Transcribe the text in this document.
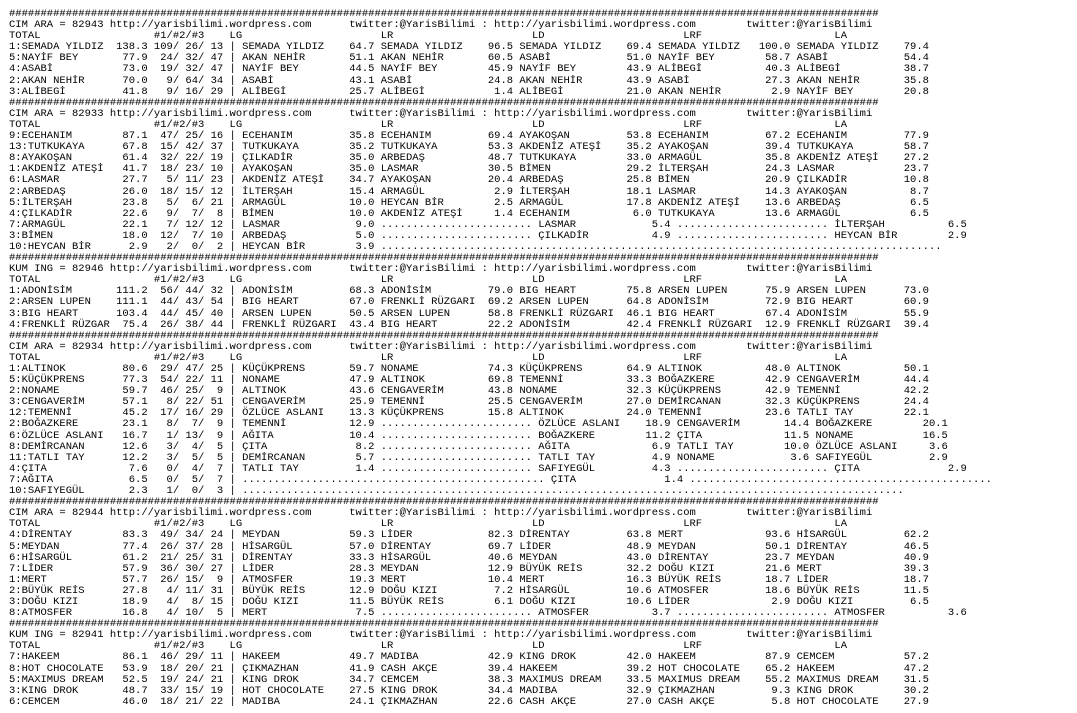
##########################################################################################################################################
CIM ARA = 82943 http://yarisbilimi.wordpress.com      twitter:@YarisBilimi : http://yarisbilimi.wordpress.com        twitter:@YarisBilimi
TOTAL                  #1/#2/#3    LG                      LR                      LD                      LRF                     LA
1:SEMADA YILDIZ  138.3 109/ 26/ 13 | SEMADA YILDIZ    64.7 SEMADA YILDIZ    96.5 SEMADA YILDIZ    69.4 SEMADA YILDIZ   100.0 SEMADA YILDIZ    79.4
5:NAYİF BEY       77.9  24/ 32/ 47 | AKAN NEHİR       51.1 AKAN NEHİR       60.5 ASABİ            51.0 NAYİF BEY        58.7 ASABİ            54.4
4:ASABİ           73.0  19/ 32/ 47 | NAYİF BEY        44.5 NAYİF BEY        45.9 NAYİF BEY        43.9 ALİBEGİ          40.3 ALİBEGİ          38.7
2:AKAN NEHİR      70.0   9/ 64/ 34 | ASABİ            43.1 ASABİ            24.8 AKAN NEHİR       43.9 ASABİ            27.3 AKAN NEHİR       35.8
3:ALİBEGİ         41.8   9/ 16/ 29 | ALİBEGİ          25.7 ALİBEGİ           1.4 ALİBEGİ          21.0 AKAN NEHİR        2.9 NAYİF BEY        20.8
##########################################################################################################################################
CIM ARA = 82933 http://yarisbilimi.wordpress.com      twitter:@YarisBilimi : http://yarisbilimi.wordpress.com        twitter:@YarisBilimi
TOTAL                  #1/#2/#3    LG                      LR                      LD                      LRF                     LA
9:ECEHANIM        87.1  47/ 25/ 16 | ECEHANIM         35.8 ECEHANIM         69.4 AYAKOŞAN         53.8 ECEHANIM         67.2 ECEHANIM         77.9
13:TUTKUKAYA      67.8  15/ 42/ 37 | TUTKUKAYA        35.2 TUTKUKAYA        53.3 AKDENİZ ATEŞİ    35.2 AYAKOŞAN         39.4 TUTKUKAYA        58.7
8:AYAKOŞAN        61.4  32/ 22/ 19 | ÇILKADİR         35.0 ARBEDAŞ          48.7 TUTKUKAYA        33.0 ARMAGÜL          35.8 AKDENİZ ATEŞİ    27.2
1:AKDENİZ ATEŞİ   41.7  18/ 23/ 10 | AYAKOŞAN         35.0 LASMAR           30.5 BİMEN            29.2 İLTERŞAH         24.3 LASMAR           23.7
6:LASMAR          27.7   5/ 11/ 23 | AKDENİZ ATEŞİ    34.7 AYAKOŞAN         20.4 ARBEDAŞ          25.8 BİMEN            20.9 ÇILKADİR         10.8
2:ARBEDAŞ         26.0  18/ 15/ 12 | İLTERŞAH         15.4 ARMAGÜL           2.9 İLTERŞAH         18.1 LASMAR           14.3 AYAKOŞAN          8.7
5:İLTERŞAH        23.8   5/  6/ 21 | ARMAGÜL          10.0 HEYCAN BİR        2.5 ARMAGÜL          17.8 AKDENİZ ATEŞİ    13.6 ARBEDAŞ           6.5
4:ÇILKADİR        22.6   9/  7/  8 | BİMEN            10.0 AKDENİZ ATEŞİ     1.4 ECEHANIM          6.0 TUTKUKAYA        13.6 ARMAGÜL           6.5
7:ARMAGÜL         22.1   7/ 12/ 12 | LASMAR            9.0 ........................ LASMAR            5.4 ........................ İLTERŞAH          6.5
3:BİMEN           18.0  12/  7/ 10 | ARBEDAŞ           5.0 ........................ ÇILKADİR          4.9 ........................ HEYCAN BİR        2.9
10:HEYCAN BİR      2.9   2/  0/  2 | HEYCAN BİR        3.9 .........................................................................................
##########################################################################################################################################
KUM ING = 82946 http://yarisbilimi.wordpress.com      twitter:@YarisBilimi : http://yarisbilimi.wordpress.com        twitter:@YarisBilimi
TOTAL                  #1/#2/#3    LG                      LR                      LD                      LRF                     LA
1:ADONİSİM       111.2  56/ 44/ 32 | ADONİSİM         68.3 ADONİSİM         79.0 BIG HEART        75.8 ARSEN LUPEN      75.9 ARSEN LUPEN      73.0
2:ARSEN LUPEN    111.1  44/ 43/ 54 | BIG HEART        67.0 FRENKLİ RÜZGARI  69.2 ARSEN LUPEN      64.8 ADONİSİM         72.9 BIG HEART        60.9
3:BIG HEART      103.4  44/ 45/ 40 | ARSEN LUPEN      50.5 ARSEN LUPEN      58.8 FRENKLİ RÜZGARI  46.1 BIG HEART        67.4 ADONİSİM         55.9
4:FRENKLİ RÜZGAR  75.4  26/ 38/ 44 | FRENKLİ RÜZGARI  43.4 BIG HEART        22.2 ADONİSİM         42.4 FRENKLİ RÜZGARI  12.9 FRENKLİ RÜZGARI  39.4
##########################################################################################################################################
CIM ARA = 82934 http://yarisbilimi.wordpress.com      twitter:@YarisBilimi : http://yarisbilimi.wordpress.com        twitter:@YarisBilimi
TOTAL                  #1/#2/#3    LG                      LR                      LD                      LRF                     LA
1:ALTINOK         80.6  29/ 47/ 25 | KÜÇÜKPRENS       59.7 NONAME           74.3 KÜÇÜKPRENS       64.9 ALTINOK          48.0 ALTINOK          50.1
5:KÜÇÜKPRENS      77.3  54/ 22/ 11 | NONAME           47.9 ALTINOK          69.8 TEMENNİ          33.3 BOĞAZKERE        42.9 CENGAVERİM       44.4
2:NONAME          59.7  46/ 25/  9 | ALTINOK          43.6 CENGAVERİM       43.8 NONAME           32.3 KÜÇÜKPRENS       42.9 TEMENNİ          42.2
3:CENGAVERİM      57.1   8/ 22/ 51 | CENGAVERİM       25.9 TEMENNİ          25.5 CENGAVERİM       27.0 DEMİRCANAN       32.3 KÜÇÜKPRENS       24.4
12:TEMENNİ        45.2  17/ 16/ 29 | ÖZLÜCE ASLANI    13.3 KÜÇÜKPRENS       15.8 ALTINOK          24.0 TEMENNİ          23.6 TATLI TAY        22.1
2:BOĞAZKERE       23.1   8/  7/  9 | TEMENNİ          12.9 ........................ ÖZLÜCE ASLANI    18.9 CENGAVERİM       14.4 BOĞAZKERE        20.1
6:ÖZLÜCE ASLANI   16.7   1/ 13/  9 | AĞITA            10.4 ........................ BOĞAZKERE        11.2 ÇITA             11.5 NONAME           16.5
8:DEMİRCANAN      12.6   3/  4/  5 | ÇITA              8.2 ........................ AĞITA             6.9 TATLI TAY        10.0 ÖZLÜCE ASLANI     3.6
11:TATLI TAY      12.2   3/  5/  5 | DEMİRCANAN        5.7 ........................ TATLI TAY         4.9 NONAME            3.6 SAFIYEGÜL         2.9
4:ÇITA             7.6   0/  4/  7 | TATLI TAY         1.4 ........................ SAFIYEGÜL         4.3 ........................ ÇITA              2.9
7:AĞITA            6.5   0/  5/  7 | ................................................ ÇITA              1.4 ................................................
10:SAFIYEGÜL       2.3   1/  0/  3 | .........................................................................................................
##########################################################################################################################################
CIM ARA = 82944 http://yarisbilimi.wordpress.com      twitter:@YarisBilimi : http://yarisbilimi.wordpress.com        twitter:@YarisBilimi
TOTAL                  #1/#2/#3    LG                      LR                      LD                      LRF                     LA
4:DİRENTAY        83.3  49/ 34/ 24 | MEYDAN           59.3 LİDER            82.3 DİRENTAY         63.8 MERT             93.6 HİSARGÜL         62.2
5:MEYDAN          77.4  26/ 37/ 28 | HİSARGÜL         57.0 DİRENTAY         69.7 LİDER            48.9 MEYDAN           50.1 DİRENTAY         46.5
6:HİSARGÜL        61.2  21/ 25/ 31 | DİRENTAY         33.3 HİSARGÜL         40.6 MEYDAN           43.0 DİRENTAY         23.7 MEYDAN           40.9
7:LİDER           57.9  36/ 30/ 27 | LİDER            28.3 MEYDAN           12.9 BÜYÜK REİS       32.2 DOĞU KIZI        21.6 MERT             39.3
1:MERT            57.7  26/ 15/  9 | ATMOSFER         19.3 MERT             10.4 MERT             16.3 BÜYÜK REİS       18.7 LİDER            18.7
2:BÜYÜK REİS      27.8   4/ 11/ 31 | BÜYÜK REİS       12.9 DOĞU KIZI         7.2 HİSARGÜL         10.6 ATMOSFER         18.6 BÜYÜK REİS       11.5
3:DOĞU KIZI       18.9   4/  8/ 15 | DOĞU KIZI        11.5 BÜYÜK REİS        6.1 DOĞU KIZI        10.6 LİDER             2.9 DOĞU KIZI         6.5
8:ATMOSFER        16.8   4/ 10/  5 | MERT              7.5 ........................ ATMOSFER          3.7 ........................ ATMOSFER          3.6
##########################################################################################################################################
KUM ING = 82941 http://yarisbilimi.wordpress.com      twitter:@YarisBilimi : http://yarisbilimi.wordpress.com        twitter:@YarisBilimi
TOTAL                  #1/#2/#3    LG                      LR                      LD                      LRF                     LA
7:HAKEEM          86.1  46/ 29/ 11 | HAKEEM           49.7 MADIBA           42.9 KING DROK        42.0 HAKEEM           87.9 CEMCEM           57.2
8:HOT CHOCOLATE   53.9  18/ 20/ 21 | ÇIKMAZHAN        41.9 CASH AKÇE        39.4 HAKEEM           39.2 HOT CHOCOLATE    65.2 HAKEEM           47.2
5:MAXIMUS DREAM   52.5  19/ 24/ 21 | KING DROK        34.7 CEMCEM           38.3 MAXIMUS DREAM    33.5 MAXIMUS DREAM    55.2 MAXIMUS DREAM    31.5
3:KING DROK       48.7  33/ 15/ 19 | HOT CHOCOLATE    27.5 KING DROK        34.4 MADIBA           32.9 ÇIKMAZHAN         9.3 KING DROK        30.2
6:CEMCEM          46.0  18/ 21/ 22 | MADIBA           24.1 ÇIKMAZHAN        22.6 CASH AKÇE        27.0 CASH AKÇE         5.8 HOT CHOCOLATE    27.9
